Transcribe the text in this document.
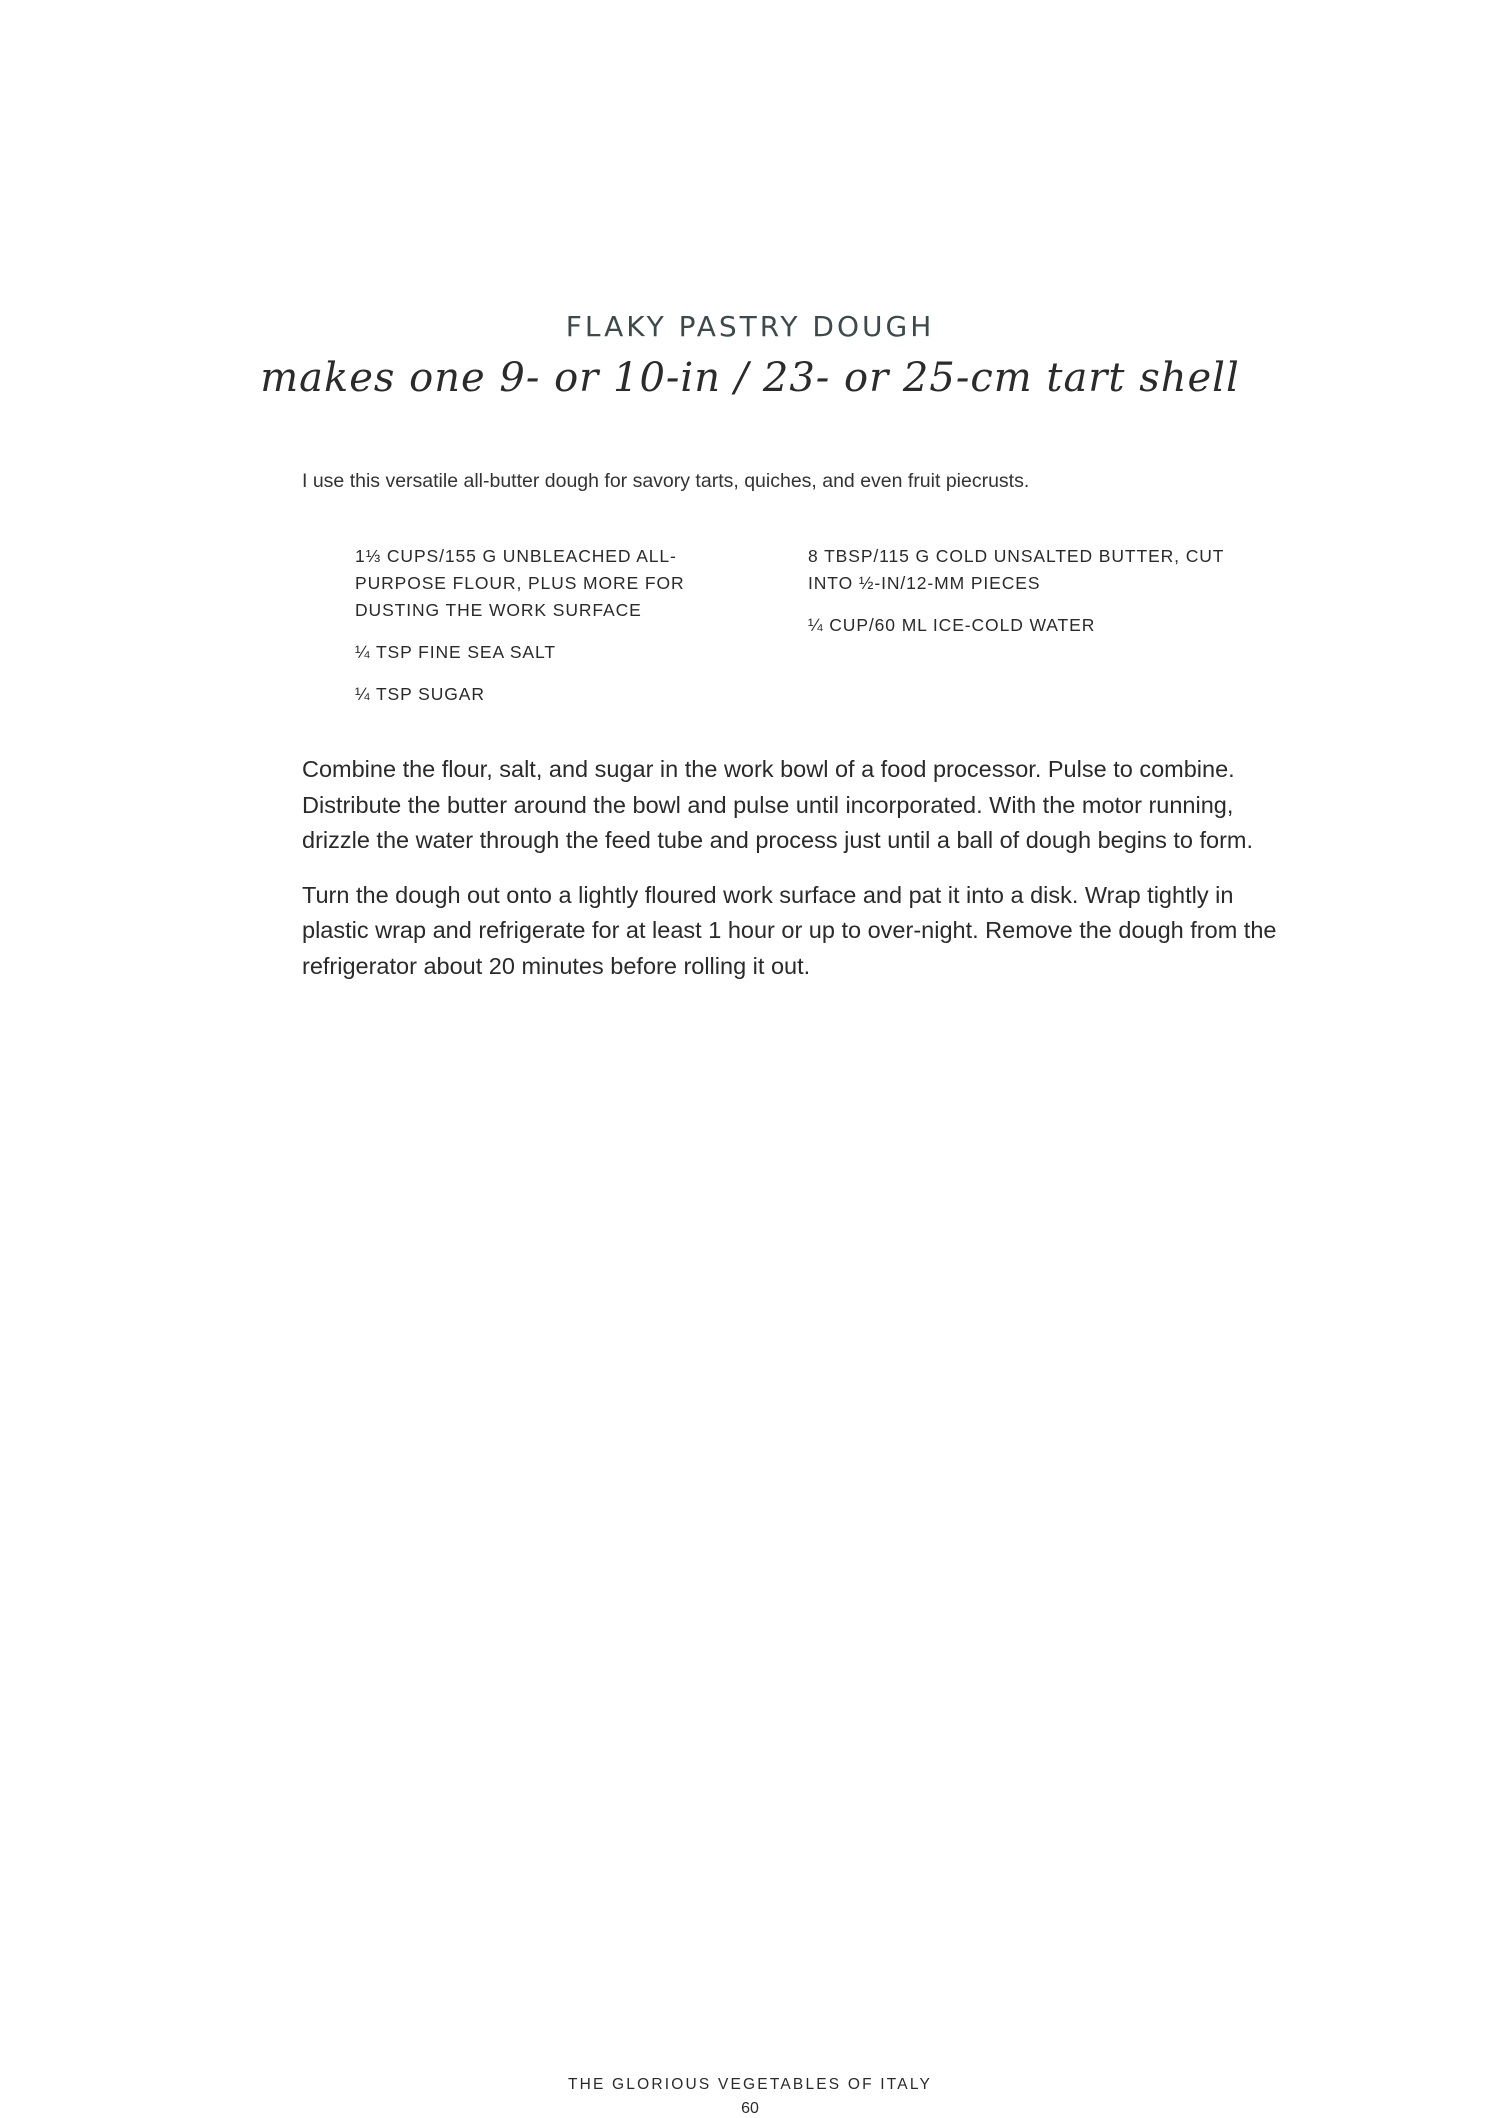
FLAKY PASTRY DOUGH
makes one 9- or 10-in / 23- or 25-cm tart shell
I use this versatile all-butter dough for savory tarts, quiches, and even fruit piecrusts.
1⅓ CUPS/155 G UNBLEACHED ALL-PURPOSE FLOUR, PLUS MORE FOR DUSTING THE WORK SURFACE
¼ TSP FINE SEA SALT
¼ TSP SUGAR
8 TBSP/115 G COLD UNSALTED BUTTER, CUT INTO ½-IN/12-MM PIECES
¼ CUP/60 ML ICE-COLD WATER

Combine the flour, salt, and sugar in the work bowl of a food processor. Pulse to combine. Distribute the butter around the bowl and pulse until incorporated. With the motor running, drizzle the water through the feed tube and process just until a ball of dough begins to form.

Turn the dough out onto a lightly floured work surface and pat it into a disk. Wrap tightly in plastic wrap and refrigerate for at least 1 hour or up to over-night. Remove the dough from the refrigerator about 20 minutes before rolling it out.

THE GLORIOUS VEGETABLES OF ITALY
60
